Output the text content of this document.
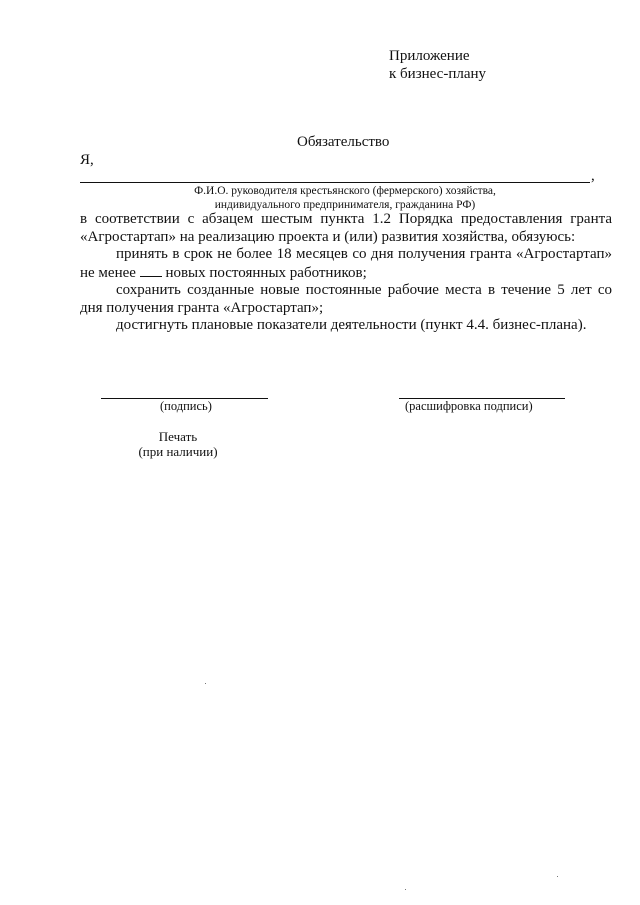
Приложение
к бизнес-плану
Обязательство
Я,
,
Ф.И.О. руководителя крестьянского (фермерского) хозяйства,
индивидуального предпринимателя, гражданина РФ)

в соответствии с абзацем шестым пункта 1.2 Порядка предоставления гранта «Агростартап» на реализацию проекта и (или) развития хозяйства, обязуюсь:

принять в срок не более 18 месяцев со дня получения гранта «Агростартап» не менее новых постоянных работников;

сохранить созданные новые постоянные рабочие места в течение 5 лет со дня получения гранта «Агростартап»;

достигнуть плановые показатели деятельности (пункт 4.4. бизнес-плана).

(подпись)	(расшифровка подписи)
Печать
(при наличии)
